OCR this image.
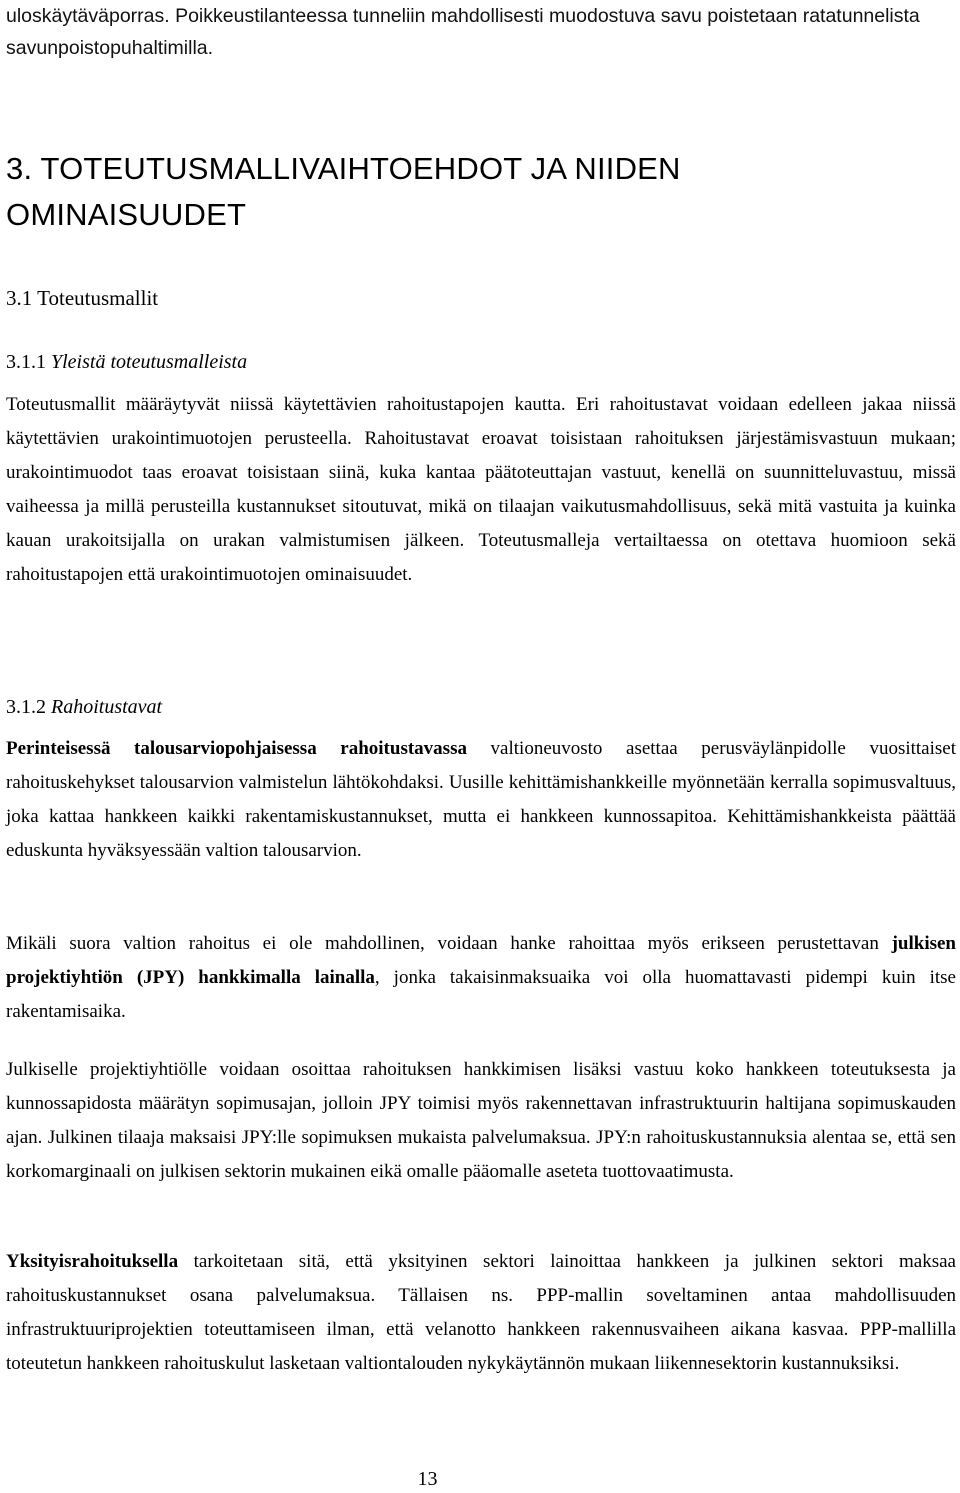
uloskäytäväporras. Poikkeustilanteessa tunneliin mahdollisesti muodostuva savu poistetaan ratatunnelista savunpoistopuhaltimilla.

3. TOTEUTUSMALLIVAIHTOEHDOT JA NIIDEN
OMINAISUUDET
3.1 Toteutusmallit
3.1.1 Yleistä toteutusmalleista

Toteutusmallit määräytyvät niissä käytettävien rahoitustapojen kautta. Eri rahoitustavat voidaan edelleen jakaa niissä käytettävien urakointimuotojen perusteella. Rahoitustavat eroavat toisistaan rahoituksen järjestämisvastuun mukaan; urakointimuodot taas eroavat toisistaan siinä, kuka kantaa päätoteuttajan vastuut, kenellä on suunnitteluvastuu, missä vaiheessa ja millä perusteilla kustannukset sitoutuvat, mikä on tilaajan vaikutusmahdollisuus, sekä mitä vastuita ja kuinka kauan urakoitsijalla on urakan valmistumisen jälkeen. Toteutusmalleja vertailtaessa on otettava huomioon sekä rahoitustapojen että urakointimuotojen ominaisuudet.

3.1.2 Rahoitustavat

Perinteisessä talousarviopohjaisessa rahoitustavassa valtioneuvosto asettaa perusväylänpidolle vuosittaiset rahoituskehykset talousarvion valmistelun lähtökohdaksi. Uusille kehittämishankkeille myönnetään kerralla sopimusvaltuus, joka kattaa hankkeen kaikki rakentamiskustannukset, mutta ei hankkeen kunnossapitoa. Kehittämishankkeista päättää eduskunta hyväksyessään valtion talousarvion.

Mikäli suora valtion rahoitus ei ole mahdollinen, voidaan hanke rahoittaa myös erikseen perustettavan julkisen projektiyhtiön (JPY) hankkimalla lainalla, jonka takaisinmaksuaika voi olla huomattavasti pidempi kuin itse rakentamisaika.

Julkiselle projektiyhtiölle voidaan osoittaa rahoituksen hankkimisen lisäksi vastuu koko hankkeen toteutuksesta ja kunnossapidosta määrätyn sopimusajan, jolloin JPY toimisi myös rakennettavan infrastruktuurin haltijana sopimuskauden ajan. Julkinen tilaaja maksaisi JPY:lle sopimuksen mukaista palvelumaksua. JPY:n rahoituskustannuksia alentaa se, että sen korkomarginaali on julkisen sektorin mukainen eikä omalle pääomalle aseteta tuottovaatimusta.

Yksityisrahoituksella tarkoitetaan sitä, että yksityinen sektori lainoittaa hankkeen ja julkinen sektori maksaa rahoituskustannukset osana palvelumaksua. Tällaisen ns. PPP-mallin soveltaminen antaa mahdollisuuden infrastruktuuriprojektien toteuttamiseen ilman, että velanotto hankkeen rakennusvaiheen aikana kasvaa. PPP-mallilla toteutetun hankkeen rahoituskulut lasketaan valtiontalouden nykykäytännön mukaan liikennesektorin kustannuksiksi.

13
